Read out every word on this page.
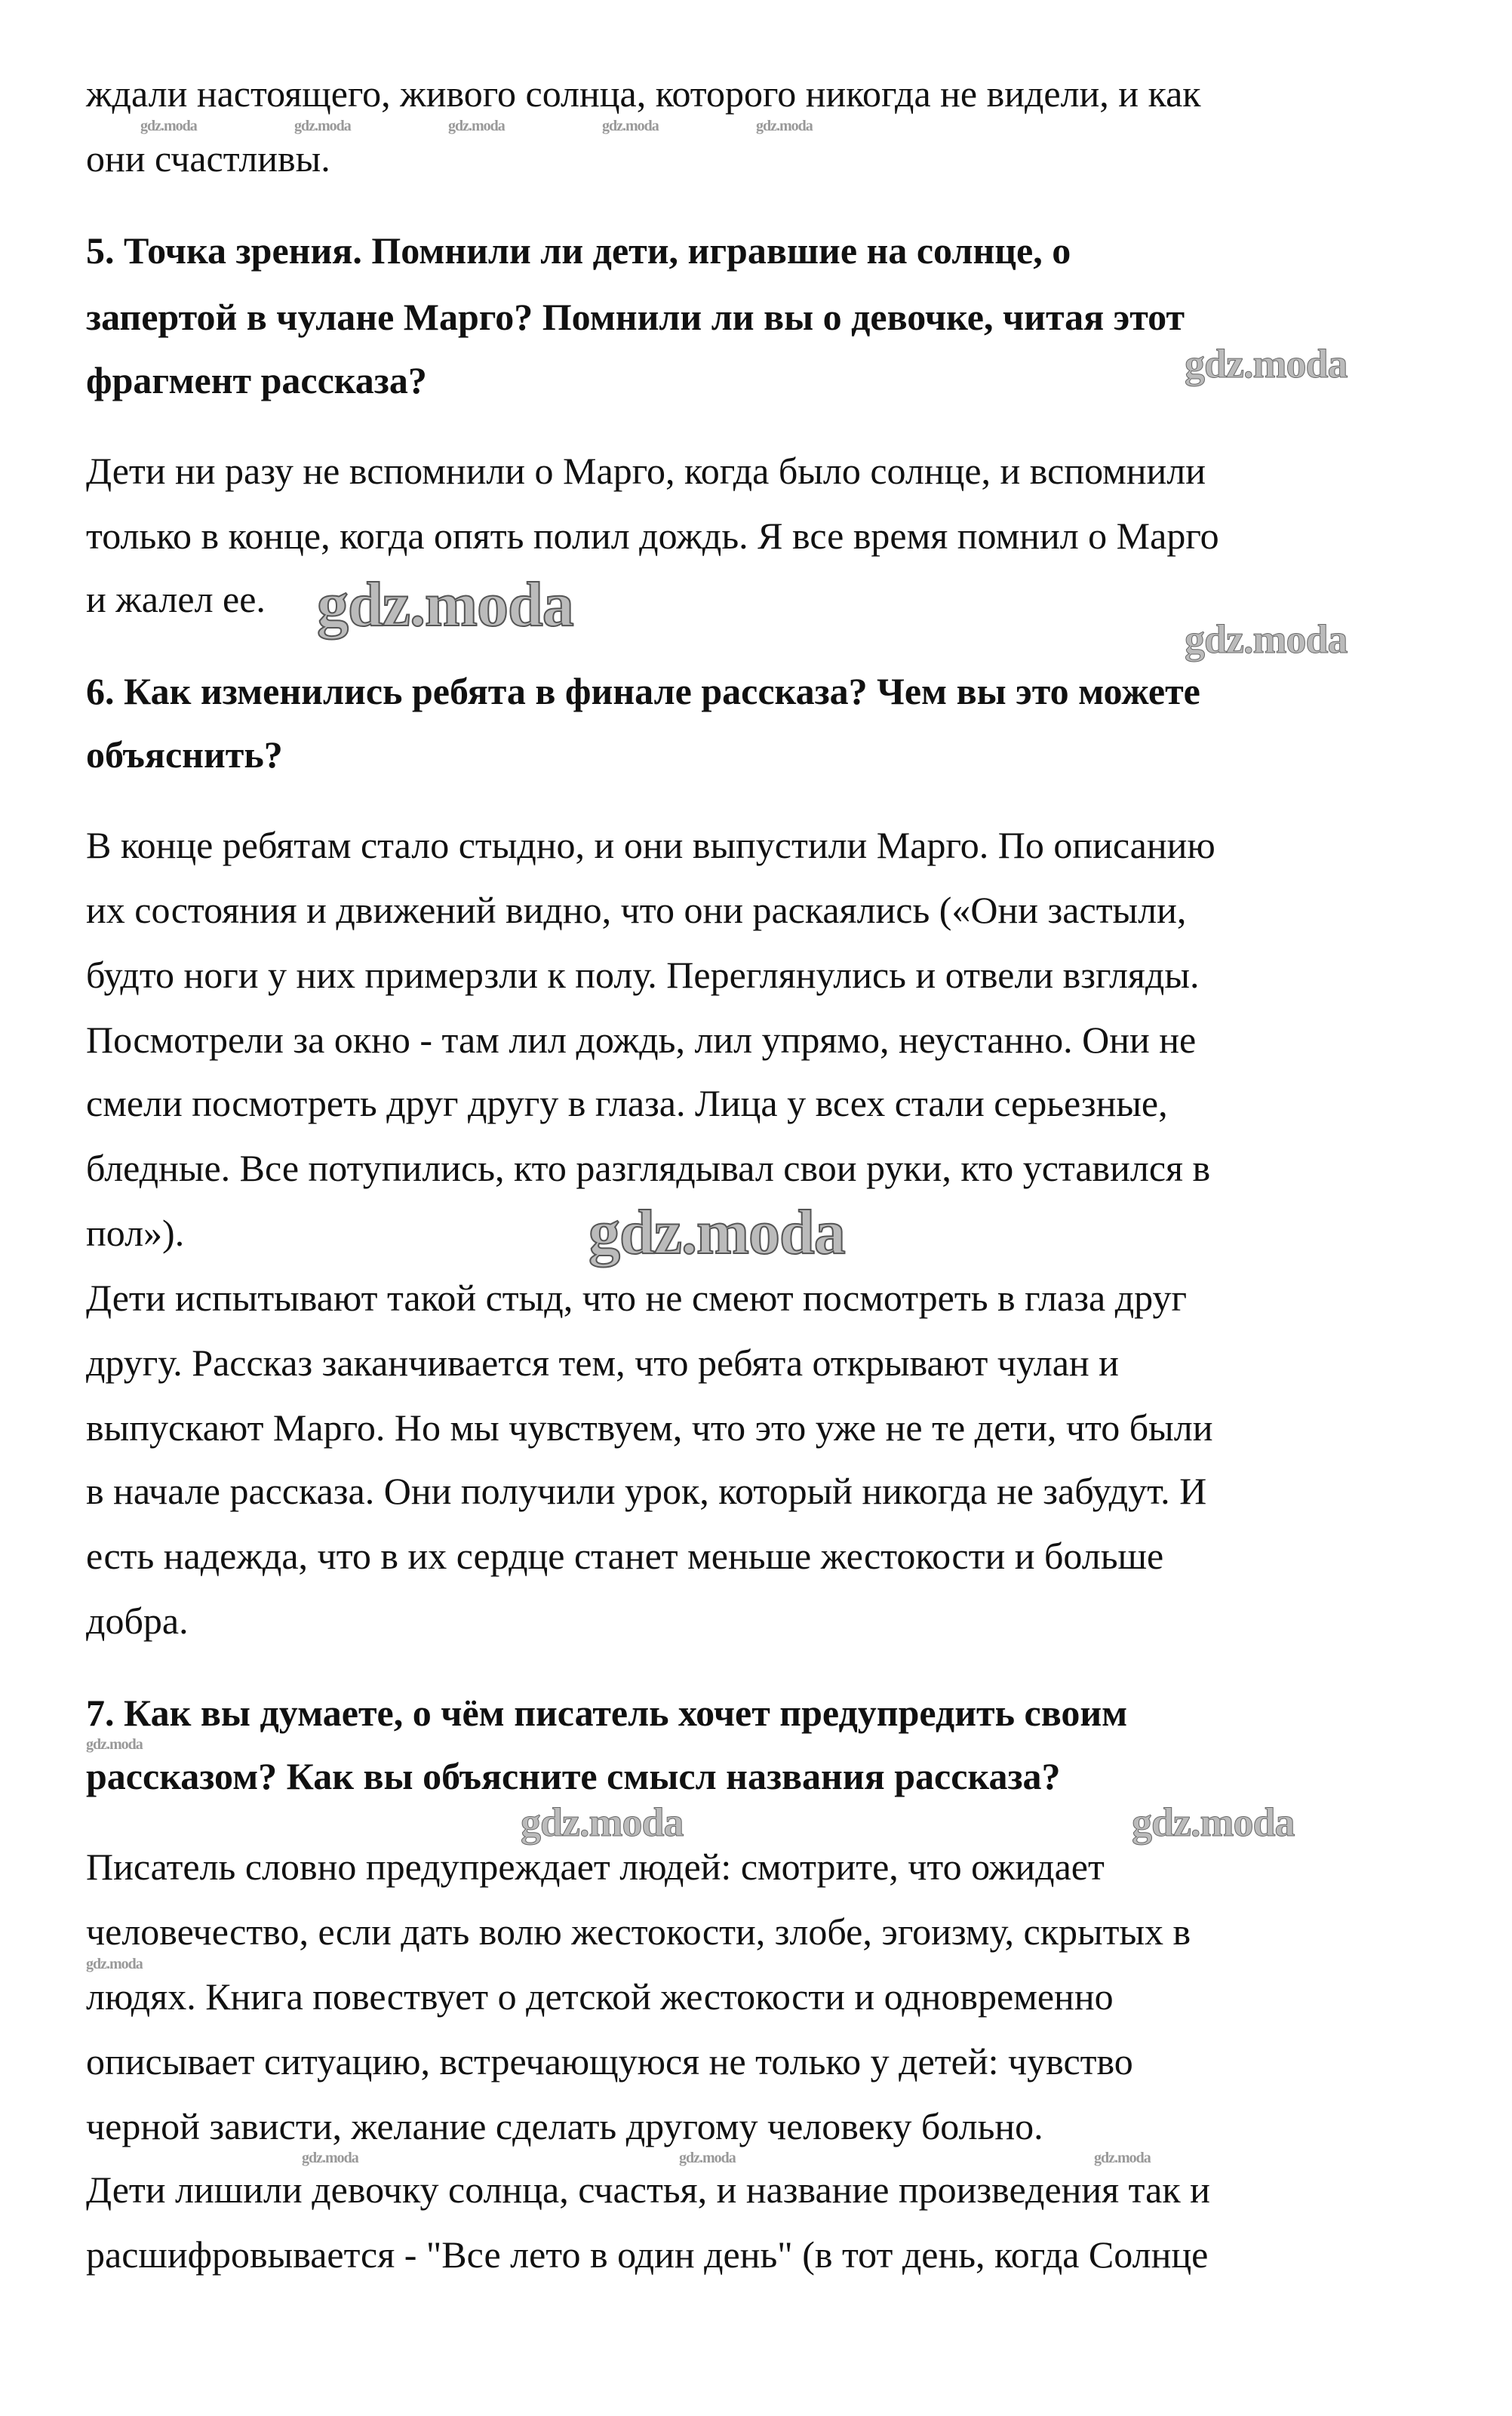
ждали настоящего, живого солнца, которого никогда не видели, и как
они счастливы.
5. Точка зрения. Помнили ли дети, игравшие на солнце, о
запертой в чулане Марго? Помнили ли вы о девочке, читая этот
фрагмент рассказа?
Дети ни разу не вспомнили о Марго, когда было солнце, и вспомнили
только в конце, когда опять полил дождь. Я все время помнил о Марго
и жалел ее.
6. Как изменились ребята в финале рассказа? Чем вы это можете
объяснить?
В конце ребятам стало стыдно, и они выпустили Марго. По описанию
их состояния и движений видно, что они раскаялись («Они застыли,
будто ноги у них примерзли к полу. Переглянулись и отвели взгляды.
Посмотрели за окно - там лил дождь, лил упрямо, неустанно. Они не
смели посмотреть друг другу в глаза. Лица у всех стали серьезные,
бледные. Все потупились, кто разглядывал свои руки, кто уставился в
пол»).
Дети испытывают такой стыд, что не смеют посмотреть в глаза друг
другу. Рассказ заканчивается тем, что ребята открывают чулан и
выпускают Марго. Но мы чувствуем, что это уже не те дети, что были
в начале рассказа. Они получили урок, который никогда не забудут. И
есть надежда, что в их сердце станет меньше жестокости и больше
добра.
7. Как вы думаете, о чём писатель хочет предупредить своим
рассказом? Как вы объясните смысл названия рассказа?
Писатель словно предупреждает людей: смотрите, что ожидает
человечество, если дать волю жестокости, злобе, эгоизму, скрытых в
людях. Книга повествует о детской жестокости и одновременно
описывает ситуацию, встречающуюся не только у детей: чувство
черной зависти, желание сделать другому человеку больно.
Дети лишили девочку солнца, счастья, и название произведения так и
расшифровывается - "Все лето в один день" (в тот день, когда Солнце
gdz.moda	gdz.moda	gdz.moda	gdz.moda	gdz.moda
gdz.moda
gdz.moda	gdz.moda
gdz.moda
gdz.moda
gdz.moda	gdz.moda
gdz.moda
gdz.moda	gdz.moda	gdz.moda
